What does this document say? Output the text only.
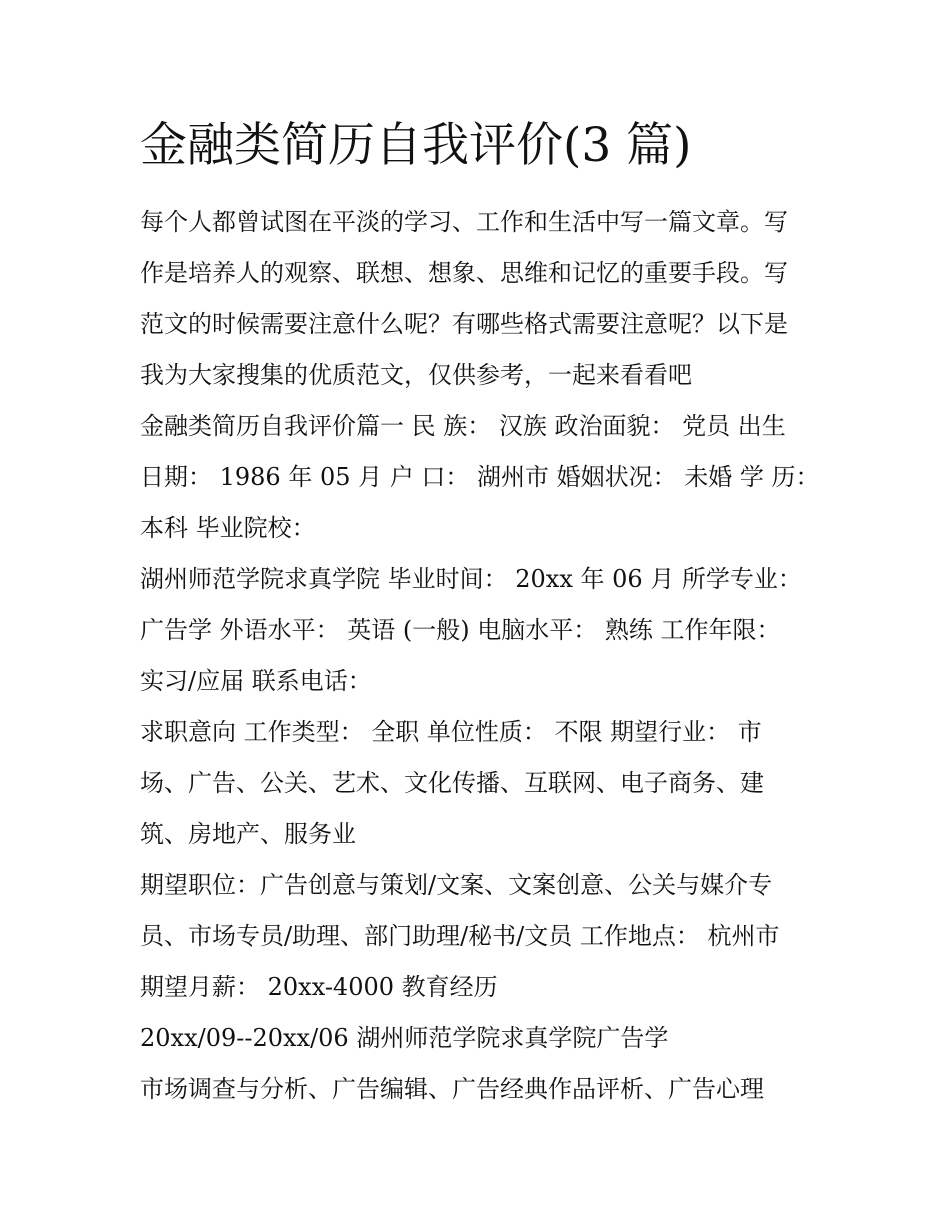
金融类简历自我评价(3 篇)

每个人都曾试图在平淡的学习、工作和生活中写一篇文章。写

作是培养人的观察、联想、想象、思维和记忆的重要手段。写

范文的时候需要注意什么呢？有哪些格式需要注意呢？以下是

我为大家搜集的优质范文，仅供参考，一起来看看吧

金融类简历自我评价篇一 民 族： 汉族 政治面貌： 党员 出生

日期： 1986 年 05 月 户 口： 湖州市 婚姻状况： 未婚 学 历：

本科 毕业院校：

湖州师范学院求真学院 毕业时间： 20xx 年 06 月 所学专业：

广告学 外语水平： 英语 (一般) 电脑水平： 熟练 工作年限：

实习/应届 联系电话：

求职意向 工作类型： 全职 单位性质： 不限 期望行业： 市

场、广告、公关、艺术、文化传播、互联网、电子商务、建

筑、房地产、服务业

期望职位：广告创意与策划/文案、文案创意、公关与媒介专

员、市场专员/助理、部门助理/秘书/文员 工作地点： 杭州市

期望月薪： 20xx-4000 教育经历

20xx/09--20xx/06 湖州师范学院求真学院广告学

市场调查与分析、广告编辑、广告经典作品评析、广告心理
